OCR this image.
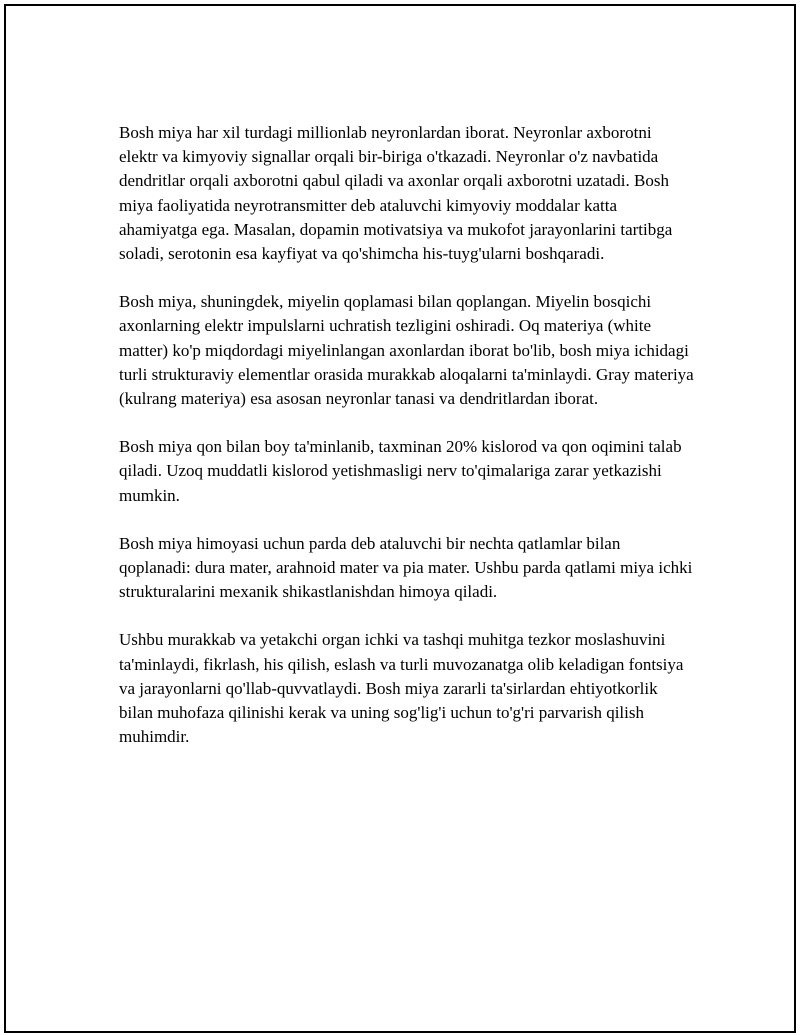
Bosh miya har xil turdagi millionlab neyronlardan iborat. Neyronlar axborotni elektr va kimyoviy signallar orqali bir-biriga o'tkazadi. Neyronlar o'z navbatida dendritlar orqali axborotni qabul qiladi va axonlar orqali axborotni uzatadi. Bosh miya faoliyatida neyrotransmitter deb ataluvchi kimyoviy moddalar katta ahamiyatga ega. Masalan, dopamin motivatsiya va mukofot jarayonlarini tartibga soladi, serotonin esa kayfiyat va qo'shimcha his-tuyg'ularni boshqaradi.

Bosh miya, shuningdek, miyelin qoplamasi bilan qoplangan. Miyelin bosqichi axonlarning elektr impulslarni uchratish tezligini oshiradi. Oq materiya (white matter) ko'p miqdordagi miyelinlangan axonlardan iborat bo'lib, bosh miya ichidagi turli strukturaviy elementlar orasida murakkab aloqalarni ta'minlaydi. Gray materiya (kulrang materiya) esa asosan neyronlar tanasi va dendritlardan iborat.

Bosh miya qon bilan boy ta'minlanib, taxminan 20% kislorod va qon oqimini talab qiladi. Uzoq muddatli kislorod yetishmasligi nerv to'qimalariga zarar yetkazishi mumkin.

Bosh miya himoyasi uchun parda deb ataluvchi bir nechta qatlamlar bilan qoplanadi: dura mater, arahnoid mater va pia mater. Ushbu parda qatlami miya ichki strukturalarini mexanik shikastlanishdan himoya qiladi.

Ushbu murakkab va yetakchi organ ichki va tashqi muhitga tezkor moslashuvini ta'minlaydi, fikrlash, his qilish, eslash va turli muvozanatga olib keladigan fontsiya va jarayonlarni qo'llab-quvvatlaydi. Bosh miya zararli ta'sirlardan ehtiyotkorlik bilan muhofaza qilinishi kerak va uning sog'lig'i uchun to'g'ri parvarish qilish muhimdir.
